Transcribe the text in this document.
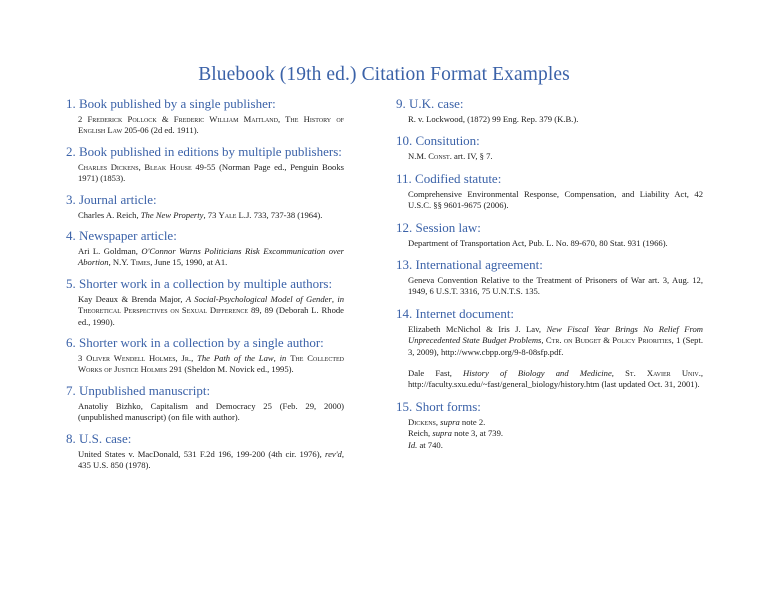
Bluebook (19th ed.) Citation Format Examples
1. Book published by a single publisher:
2 Frederick Pollock & Frederic William Maitland, The History of English Law 205-06 (2d ed. 1911).
2. Book published in editions by multiple publishers:
Charles Dickens, Bleak House 49-55 (Norman Page ed., Penguin Books 1971) (1853).
3. Journal article:
Charles A. Reich, The New Property, 73 Yale L.J. 733, 737-38 (1964).
4. Newspaper article:
Ari L. Goldman, O'Connor Warns Politicians Risk Excommunication over Abortion, N.Y. Times, June 15, 1990, at A1.
5. Shorter work in a collection by multiple authors:
Kay Deaux & Brenda Major, A Social-Psychological Model of Gender, in Theoretical Perspectives on Sexual Difference 89, 89 (Deborah L. Rhode ed., 1990).
6. Shorter work in a collection by a single author:
3 Oliver Wendell Holmes, Jr., The Path of the Law, in The Collected Works of Justice Holmes 291 (Sheldon M. Novick ed., 1995).
7. Unpublished manuscript:
Anatoliy Bizhko, Capitalism and Democracy 25 (Feb. 29, 2000) (unpublished manuscript) (on file with author).
8. U.S. case:
United States v. MacDonald, 531 F.2d 196, 199-200 (4th cir. 1976), rev'd, 435 U.S. 850 (1978).
9. U.K. case:
R. v. Lockwood, (1872) 99 Eng. Rep. 379 (K.B.).
10. Consitution:
N.M. Const. art. IV, § 7.
11. Codified statute:
Comprehensive Environmental Response, Compensation, and Liability Act, 42 U.S.C. §§ 9601-9675 (2006).
12. Session law:
Department of Transportation Act, Pub. L. No. 89-670, 80 Stat. 931 (1966).
13. International agreement:
Geneva Convention Relative to the Treatment of Prisoners of War art. 3, Aug. 12, 1949, 6 U.S.T. 3316, 75 U.N.T.S. 135.
14. Internet document:
Elizabeth McNichol & Iris J. Lav, New Fiscal Year Brings No Relief From Unprecedented State Budget Problems, Ctr. on Budget & Policy Priorities, 1 (Sept. 3, 2009), http://www.cbpp.org/9-8-08sfp.pdf.
Dale Fast, History of Biology and Medicine, St. Xavier Univ., http://faculty.sxu.edu/~fast/general_biology/history.htm (last updated Oct. 31, 2001).
15. Short forms:
Dickens, supra note 2.
Reich, supra note 3, at 739.
Id. at 740.
